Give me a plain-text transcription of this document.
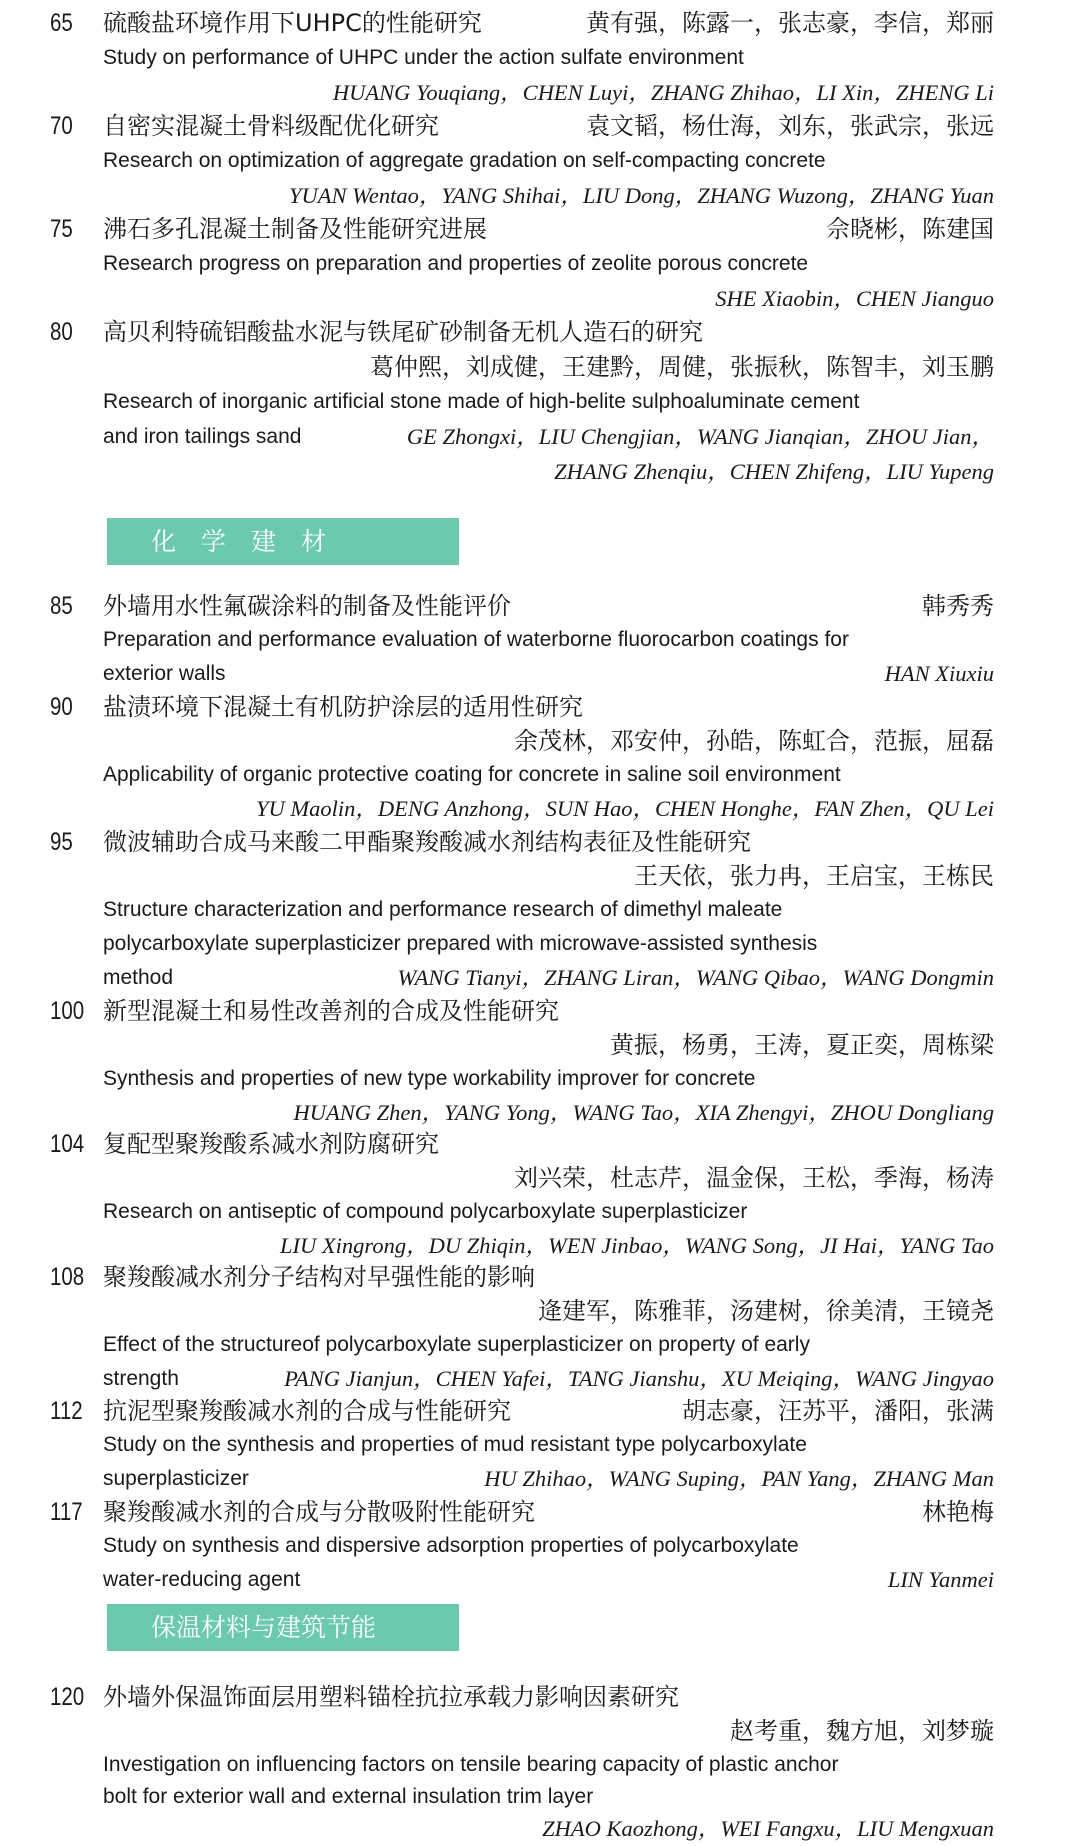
65 硫酸盐环境作用下UHPC的性能研究	黄有强，陈露一，张志豪，李信，郑丽
Study on performance of UHPC under the action sulfate environment
HUANG Youqiang，CHEN Luyi，ZHANG Zhihao，LI Xin，ZHENG Li
70 自密实混凝土骨料级配优化研究	袁文韬，杨仕海，刘东，张武宗，张远
Research on optimization of aggregate gradation on self-compacting concrete
YUAN Wentao，YANG Shihai，LIU Dong，ZHANG Wuzong，ZHANG Yuan
75 沸石多孔混凝土制备及性能研究进展	佘晓彬，陈建国
Research progress on preparation and properties of zeolite porous concrete
SHE Xiaobin，CHEN Jianguo
80 高贝利特硫铝酸盐水泥与铁尾矿砂制备无机人造石的研究
葛仲熙，刘成健，王建黔，周健，张振秋，陈智丰，刘玉鹏
Research of inorganic artificial stone made of high-belite sulphoaluminate cement
and iron tailings sand	GE Zhongxi，LIU Chengjian，WANG Jianqian，ZHOU Jian，
ZHANG Zhenqiu，CHEN Zhifeng，LIU Yupeng
化　学　建　材
85 外墙用水性氟碳涂料的制备及性能评价	韩秀秀
Preparation and performance evaluation of waterborne fluorocarbon coatings for
exterior walls	HAN Xiuxiu
90 盐渍环境下混凝土有机防护涂层的适用性研究
余茂林，邓安仲，孙皓，陈虹合，范振，屈磊
Applicability of organic protective coating for concrete in saline soil environment
YU Maolin，DENG Anzhong，SUN Hao，CHEN Honghe，FAN Zhen，QU Lei
95 微波辅助合成马来酸二甲酯聚羧酸减水剂结构表征及性能研究
王天依，张力冉，王启宝，王栋民
Structure characterization and performance research of dimethyl maleate
polycarboxylate superplasticizer prepared with microwave-assisted synthesis
method	WANG Tianyi，ZHANG Liran，WANG Qibao，WANG Dongmin
100 新型混凝土和易性改善剂的合成及性能研究
黄振，杨勇，王涛，夏正奕，周栋梁
Synthesis and properties of new type workability improver for concrete
HUANG Zhen，YANG Yong，WANG Tao，XIA Zhengyi，ZHOU Dongliang
104 复配型聚羧酸系减水剂防腐研究
刘兴荣，杜志芹，温金保，王松，季海，杨涛
Research on antiseptic of compound polycarboxylate superplasticizer
LIU Xingrong，DU Zhiqin，WEN Jinbao，WANG Song，JI Hai，YANG Tao
108 聚羧酸减水剂分子结构对早强性能的影响
逄建军，陈雅菲，汤建树，徐美清，王镜尧
Effect of the structureof polycarboxylate superplasticizer on property of early
strength	PANG Jianjun，CHEN Yafei，TANG Jianshu，XU Meiqing，WANG Jingyao
112 抗泥型聚羧酸减水剂的合成与性能研究	胡志豪，汪苏平，潘阳，张满
Study on the synthesis and properties of mud resistant type polycarboxylate
superplasticizer	HU Zhihao，WANG Suping，PAN Yang，ZHANG Man
117 聚羧酸减水剂的合成与分散吸附性能研究	林艳梅
Study on synthesis and dispersive adsorption properties of polycarboxylate
water-reducing agent	LIN Yanmei
保温材料与建筑节能
120 外墙外保温饰面层用塑料锚栓抗拉承载力影响因素研究
赵考重，魏方旭，刘梦璇
Investigation on influencing factors on tensile bearing capacity of plastic anchor
bolt for exterior wall and external insulation trim layer
ZHAO Kaozhong，WEI Fangxu，LIU Mengxuan
